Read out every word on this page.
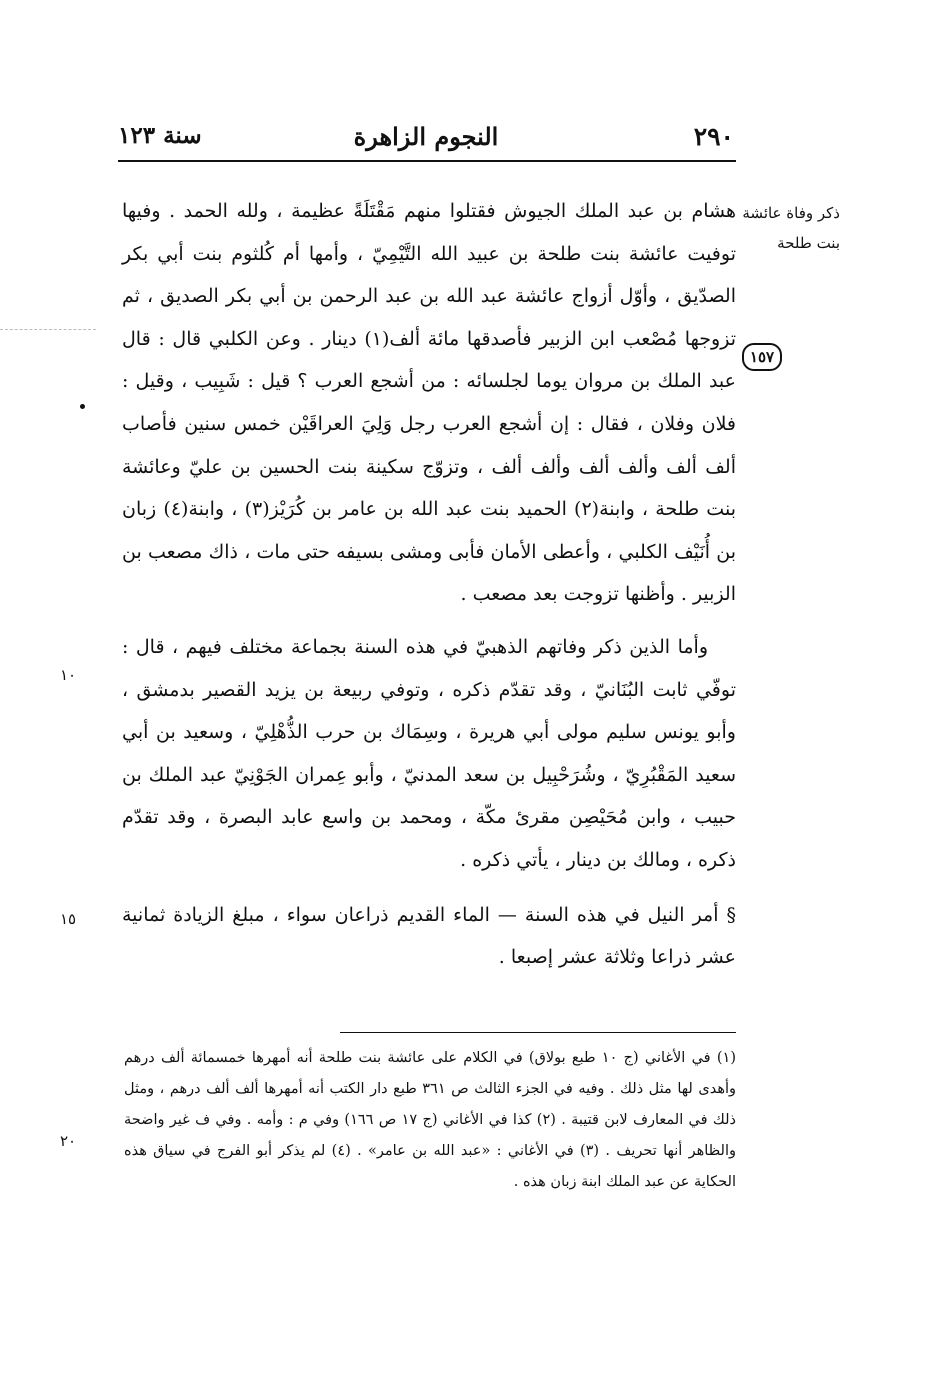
٢٩٠
النجوم الزاهرة
سنة ١٢٣
ذكر وفاة عائشة بنت طلحة
١٥٧
١٠
١٥
٢٠

هشام بن عبد الملك الجيوش فقتلوا منهم مَقْتَلَةً عظيمة ، ولله الحمد . وفيها توفيت عائشة بنت طلحة بن عبيد الله التَّيْمِيّ ، وأمها أم كُلثوم بنت أبي بكر الصدّيق ، وأوّل أزواج عائشة عبد الله بن عبد الرحمن بن أبي بكر الصديق ، ثم تزوجها مُصْعب ابن الزبير فأصدقها مائة ألف(١) دينار . وعن الكلبي قال : قال عبد الملك بن مروان يوما لجلسائه : من أشجع العرب ؟ قيل : شَبِيب ، وقيل : فلان وفلان ، فقال : إن أشجع العرب رجل وَلِيَ العراقَيْن خمس سنين فأصاب ألف ألف وألف ألف وألف ألف ، وتزوّج سكينة بنت الحسين بن عليّ وعائشة بنت طلحة ، وابنة(٢) الحميد بنت عبد الله بن عامر بن كُرَيْز(٣) ، وابنة(٤) زبان بن أُنَيْف الكلبي ، وأعطى الأمان فأبى ومشى بسيفه حتى مات ، ذاك مصعب بن الزبير . وأظنها تزوجت بعد مصعب .

وأما الذين ذكر وفاتهم الذهبيّ في هذه السنة بجماعة مختلف فيهم ، قال : توفّي ثابت البُنَانيّ ، وقد تقدّم ذكره ، وتوفي ربيعة بن يزيد القصير بدمشق ، وأبو يونس سليم مولى أبي هريرة ، وسِمَاك بن حرب الذُّهْلِيّ ، وسعيد بن أبي سعيد المَقْبُرِيّ ، وشُرَحْبِيل بن سعد المدنيّ ، وأبو عِمران الجَوْنِيّ عبد الملك بن حبيب ، وابن مُحَيْصِن مقرئ مكّة ، ومحمد بن واسع عابد البصرة ، وقد تقدّم ذكره ، ومالك بن دينار ، يأتي ذكره .

§ أمر النيل في هذه السنة — الماء القديم ذراعان سواء ، مبلغ الزيادة ثمانية عشر ذراعا وثلاثة عشر إصبعا .

(١) في الأغاني (ج ١٠ طبع بولاق) في الكلام على عائشة بنت طلحة أنه أمهرها خمسمائة ألف درهم وأهدى لها مثل ذلك . وفيه في الجزء الثالث ص ٣٦١ طبع دار الكتب أنه أمهرها ألف ألف درهم ، ومثل ذلك في المعارف لابن قتيبة . (٢) كذا في الأغاني (ج ١٧ ص ١٦٦) وفي م : وأمه . وفي ف غير واضحة والظاهر أنها تحريف . (٣) في الأغاني : «عبد الله بن عامر» . (٤) لم يذكر أبو الفرج في سياق هذه الحكاية عن عبد الملك ابنة زبان هذه .
